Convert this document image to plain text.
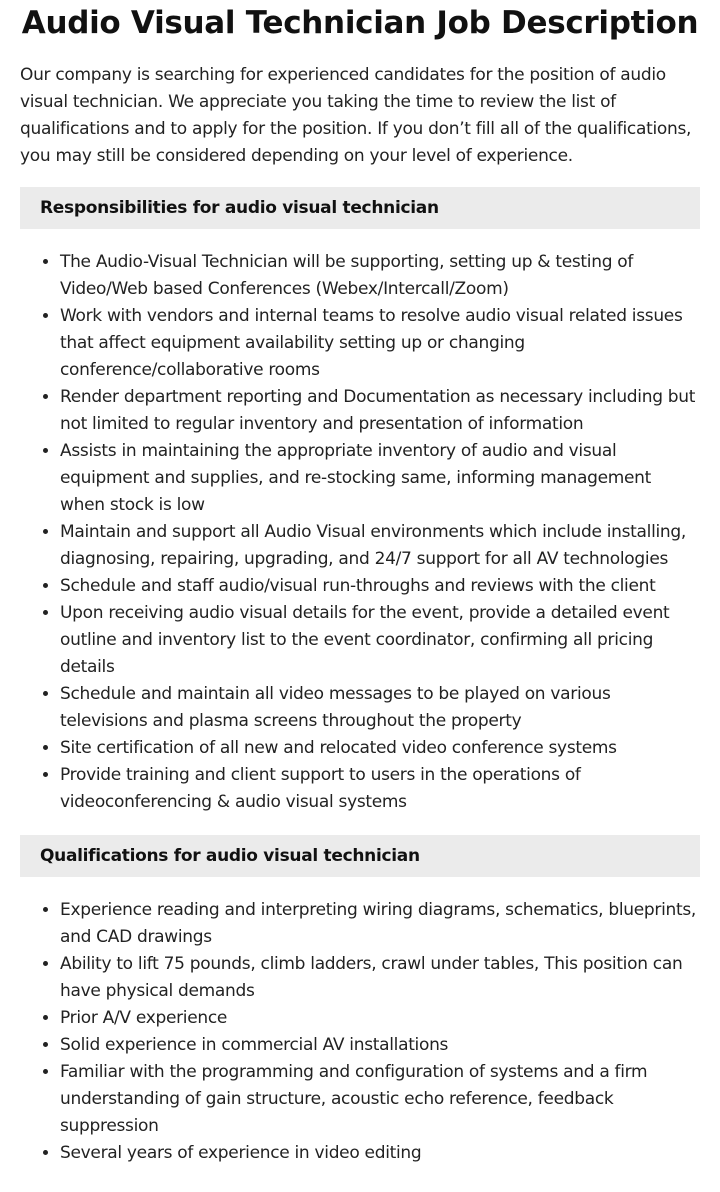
Audio Visual Technician Job Description

Our company is searching for experienced candidates for the position of audio visual technician. We appreciate you taking the time to review the list of qualifications and to apply for the position. If you don’t fill all of the qualifications, you may still be considered depending on your level of experience.

Responsibilities for audio visual technician
• The Audio-Visual Technician will be supporting, setting up & testing of Video/Web based Conferences (Webex/Intercall/Zoom)
• Work with vendors and internal teams to resolve audio visual related issues that affect equipment availability setting up or changing conference/collaborative rooms
• Render department reporting and Documentation as necessary including but not limited to regular inventory and presentation of information
• Assists in maintaining the appropriate inventory of audio and visual equipment and supplies, and re-stocking same, informing management when stock is low
• Maintain and support all Audio Visual environments which include installing, diagnosing, repairing, upgrading, and 24/7 support for all AV technologies
• Schedule and staff audio/visual run-throughs and reviews with the client
• Upon receiving audio visual details for the event, provide a detailed event outline and inventory list to the event coordinator, confirming all pricing details
• Schedule and maintain all video messages to be played on various televisions and plasma screens throughout the property
• Site certification of all new and relocated video conference systems
• Provide training and client support to users in the operations of videoconferencing & audio visual systems
Qualifications for audio visual technician
• Experience reading and interpreting wiring diagrams, schematics, blueprints, and CAD drawings
• Ability to lift 75 pounds, climb ladders, crawl under tables, This position can have physical demands
• Prior A/V experience
• Solid experience in commercial AV installations
• Familiar with the programming and configuration of systems and a firm understanding of gain structure, acoustic echo reference, feedback suppression
• Several years of experience in video editing
